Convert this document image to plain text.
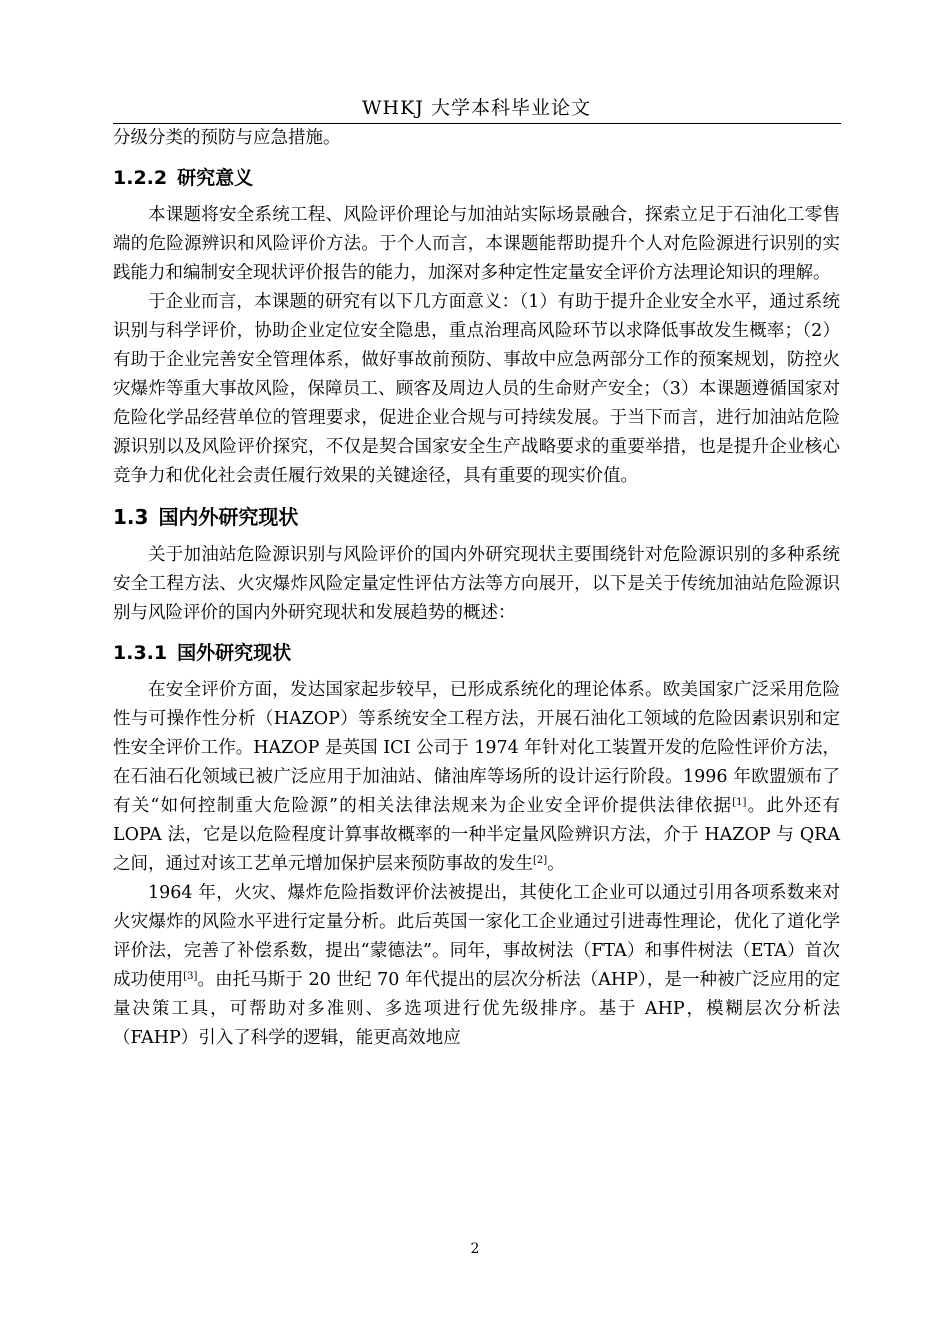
WHKJ 大学本科毕业论文

分级分类的预防与应急措施。

1.2.2 研究意义

本课题将安全系统工程、风险评价理论与加油站实际场景融合，探索立足于石油化工零售端的危险源辨识和风险评价方法。于个人而言，本课题能帮助提升个人对危险源进行识别的实践能力和编制安全现状评价报告的能力，加深对多种定性定量安全评价方法理论知识的理解。

于企业而言，本课题的研究有以下几方面意义：（1）有助于提升企业安全水平，通过系统识别与科学评价，协助企业定位安全隐患，重点治理高风险环节以求降低事故发生概率；（2）有助于企业完善安全管理体系，做好事故前预防、事故中应急两部分工作的预案规划，防控火灾爆炸等重大事故风险，保障员工、顾客及周边人员的生命财产安全；（3）本课题遵循国家对危险化学品经营单位的管理要求，促进企业合规与可持续发展。于当下而言，进行加油站危险源识别以及风险评价探究，不仅是契合国家安全生产战略要求的重要举措，也是提升企业核心竞争力和优化社会责任履行效果的关键途径，具有重要的现实价值。

1.3 国内外研究现状

关于加油站危险源识别与风险评价的国内外研究现状主要围绕针对危险源识别的多种系统安全工程方法、火灾爆炸风险定量定性评估方法等方向展开，以下是关于传统加油站危险源识别与风险评价的国内外研究现状和发展趋势的概述：

1.3.1 国外研究现状

在安全评价方面，发达国家起步较早，已形成系统化的理论体系。欧美国家广泛采用危险性与可操作性分析（HAZOP）等系统安全工程方法，开展石油化工领域的危险因素识别和定性安全评价工作。HAZOP 是英国 ICI 公司于 1974 年针对化工装置开发的危险性评价方法，在石油石化领域已被广泛应用于加油站、储油库等场所的设计运行阶段。1996 年欧盟颁布了有关“如何控制重大危险源”的相关法律法规来为企业安全评价提供法律依据[1]。此外还有 LOPA 法，它是以危险程度计算事故概率的一种半定量风险辨识方法，介于 HAZOP 与 QRA 之间，通过对该工艺单元增加保护层来预防事故的发生[2]。

1964 年，火灾、爆炸危险指数评价法被提出，其使化工企业可以通过引用各项系数来对火灾爆炸的风险水平进行定量分析。此后英国一家化工企业通过引进毒性理论，优化了道化学评价法，完善了补偿系数，提出“蒙德法”。同年，事故树法（FTA）和事件树法（ETA）首次成功使用[3]。由托马斯于 20 世纪 70 年代提出的层次分析法（AHP），是一种被广泛应用的定量决策工具，可帮助对多准则、多选项进行优先级排序。基于 AHP，模糊层次分析法（FAHP）引入了科学的逻辑，能更高效地应

2
